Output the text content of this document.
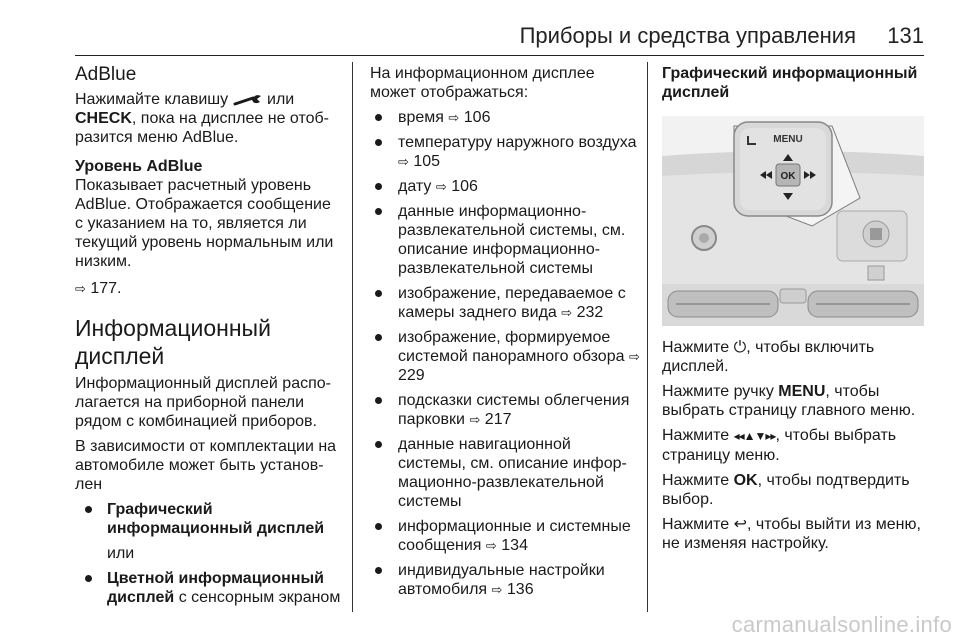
Приборы и средства управления 131
AdBlue

Нажимайте клавишу или
CHECK, пока на дисплее не отоб-разится меню AdBlue.

Уровень AdBlue

Показывает расчетный уровень AdBlue. Отображается сообщение с указанием на то, является ли текущий уровень нормальным или низким.

⇨ 177.

Информационный дисплей

Информационный дисплей распо-лагается на приборной панели рядом с комбинацией приборов.

В зависимости от комплектации на автомобиле может быть установ-лен

Графический информационный дисплей

или

Цветной информационный дисплей с сенсорным экраном

На информационном дисплее может отображаться:

время ⇨ 106
температуру наружного воздуха ⇨ 105
дату ⇨ 106
данные информационно-развлекательной системы, см. описание информационно-развлекательной системы
изображение, передаваемое с камеры заднего вида ⇨ 232
изображение, формируемое системой панорамного обзора ⇨ 229
подсказки системы облегчения парковки ⇨ 217
данные навигационной системы, см. описание инфор-мационно-развлекательной системы
информационные и системные сообщения ⇨ 134
индивидуальные настройки автомобиля ⇨ 136
Графический информационный дисплей
MENU
OK

Нажмите ⏻, чтобы включить дисплей.

Нажмите ручку MENU, чтобы выбрать страницу главного меню.

Нажмите ◂◂▲▼▸▸, чтобы выбрать страницу меню.

Нажмите OK, чтобы подтвердить выбор.

Нажмите ↩, чтобы выйти из меню, не изменяя настройку.

carmanualsonline.info
